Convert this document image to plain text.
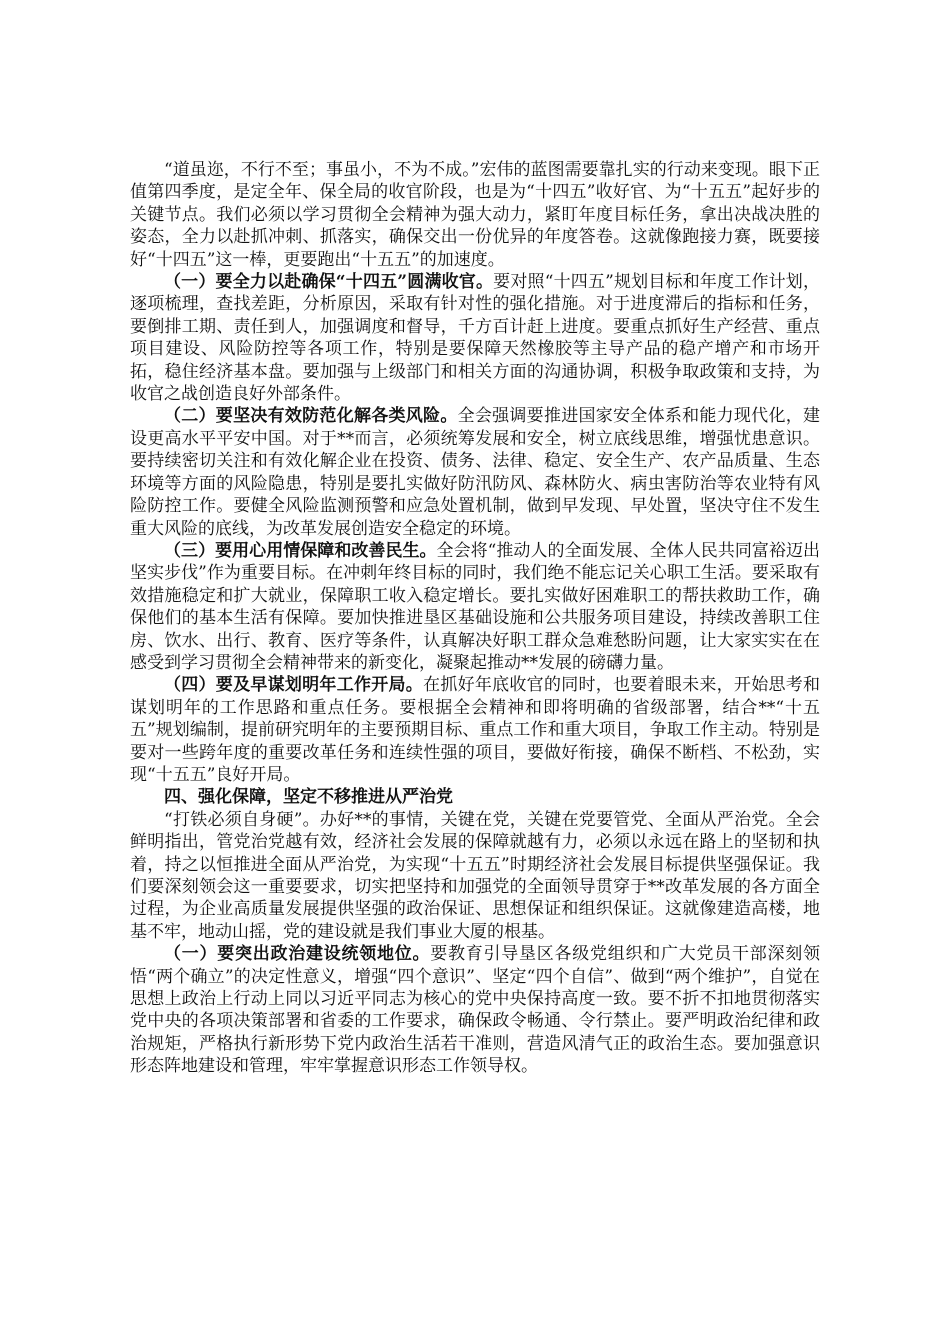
“道虽迩，不行不至；事虽小，不为不成。”宏伟的蓝图需要靠扎实的行动来变现。眼下正值第四季度，是定全年、保全局的收官阶段，也是为“十四五”收好官、为“十五五”起好步的关键节点。我们必须以学习贯彻全会精神为强大动力，紧盯年度目标任务，拿出决战决胜的姿态，全力以赴抓冲刺、抓落实，确保交出一份优异的年度答卷。这就像跑接力赛，既要接好“十四五”这一棒，更要跑出“十五五”的加速度。

（一）要全力以赴确保“十四五”圆满收官。要对照“十四五”规划目标和年度工作计划，逐项梳理，查找差距，分析原因，采取有针对性的强化措施。对于进度滞后的指标和任务，要倒排工期、责任到人，加强调度和督导，千方百计赶上进度。要重点抓好生产经营、重点项目建设、风险防控等各项工作，特别是要保障天然橡胶等主导产品的稳产增产和市场开拓，稳住经济基本盘。要加强与上级部门和相关方面的沟通协调，积极争取政策和支持，为收官之战创造良好外部条件。

（二）要坚决有效防范化解各类风险。全会强调要推进国家安全体系和能力现代化，建设更高水平平安中国。对于**而言，必须统筹发展和安全，树立底线思维，增强忧患意识。要持续密切关注和有效化解企业在投资、债务、法律、稳定、安全生产、农产品质量、生态环境等方面的风险隐患，特别是要扎实做好防汛防风、森林防火、病虫害防治等农业特有风险防控工作。要健全风险监测预警和应急处置机制，做到早发现、早处置，坚决守住不发生重大风险的底线，为改革发展创造安全稳定的环境。

（三）要用心用情保障和改善民生。全会将“推动人的全面发展、全体人民共同富裕迈出坚实步伐”作为重要目标。在冲刺年终目标的同时，我们绝不能忘记关心职工生活。要采取有效措施稳定和扩大就业，保障职工收入稳定增长。要扎实做好困难职工的帮扶救助工作，确保他们的基本生活有保障。要加快推进垦区基础设施和公共服务项目建设，持续改善职工住房、饮水、出行、教育、医疗等条件，认真解决好职工群众急难愁盼问题，让大家实实在在感受到学习贯彻全会精神带来的新变化，凝聚起推动**发展的磅礴力量。

（四）要及早谋划明年工作开局。在抓好年底收官的同时，也要着眼未来，开始思考和谋划明年的工作思路和重点任务。要根据全会精神和即将明确的省级部署，结合**“十五五”规划编制，提前研究明年的主要预期目标、重点工作和重大项目，争取工作主动。特别是要对一些跨年度的重要改革任务和连续性强的项目，要做好衔接，确保不断档、不松劲，实现“十五五”良好开局。

四、强化保障，坚定不移推进从严治党

“打铁必须自身硬”。办好**的事情，关键在党，关键在党要管党、全面从严治党。全会鲜明指出，管党治党越有效，经济社会发展的保障就越有力，必须以永远在路上的坚韧和执着，持之以恒推进全面从严治党，为实现“十五五”时期经济社会发展目标提供坚强保证。我们要深刻领会这一重要要求，切实把坚持和加强党的全面领导贯穿于**改革发展的各方面全过程，为企业高质量发展提供坚强的政治保证、思想保证和组织保证。这就像建造高楼，地基不牢，地动山摇，党的建设就是我们事业大厦的根基。

（一）要突出政治建设统领地位。要教育引导垦区各级党组织和广大党员干部深刻领悟“两个确立”的决定性意义，增强“四个意识”、坚定“四个自信”、做到“两个维护”，自觉在思想上政治上行动上同以习近平同志为核心的党中央保持高度一致。要不折不扣地贯彻落实党中央的各项决策部署和省委的工作要求，确保政令畅通、令行禁止。要严明政治纪律和政治规矩，严格执行新形势下党内政治生活若干准则，营造风清气正的政治生态。要加强意识形态阵地建设和管理，牢牢掌握意识形态工作领导权。
